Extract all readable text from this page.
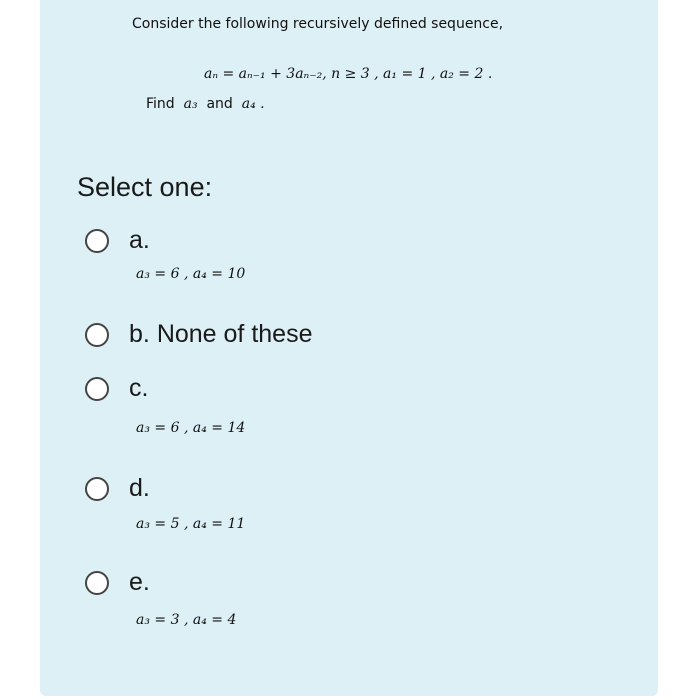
Consider the following recursively defined sequence,
aₙ = aₙ₋₁ + 3aₙ₋₂, n ≥ 3 , a₁ = 1 , a₂ = 2 .
Find a₃ and a₄ .
Select one:
a.
a₃ = 6 , a₄ = 10
b. None of these
c.
a₃ = 6 , a₄ = 14
d.
a₃ = 5 , a₄ = 11
e.
a₃ = 3 , a₄ = 4
